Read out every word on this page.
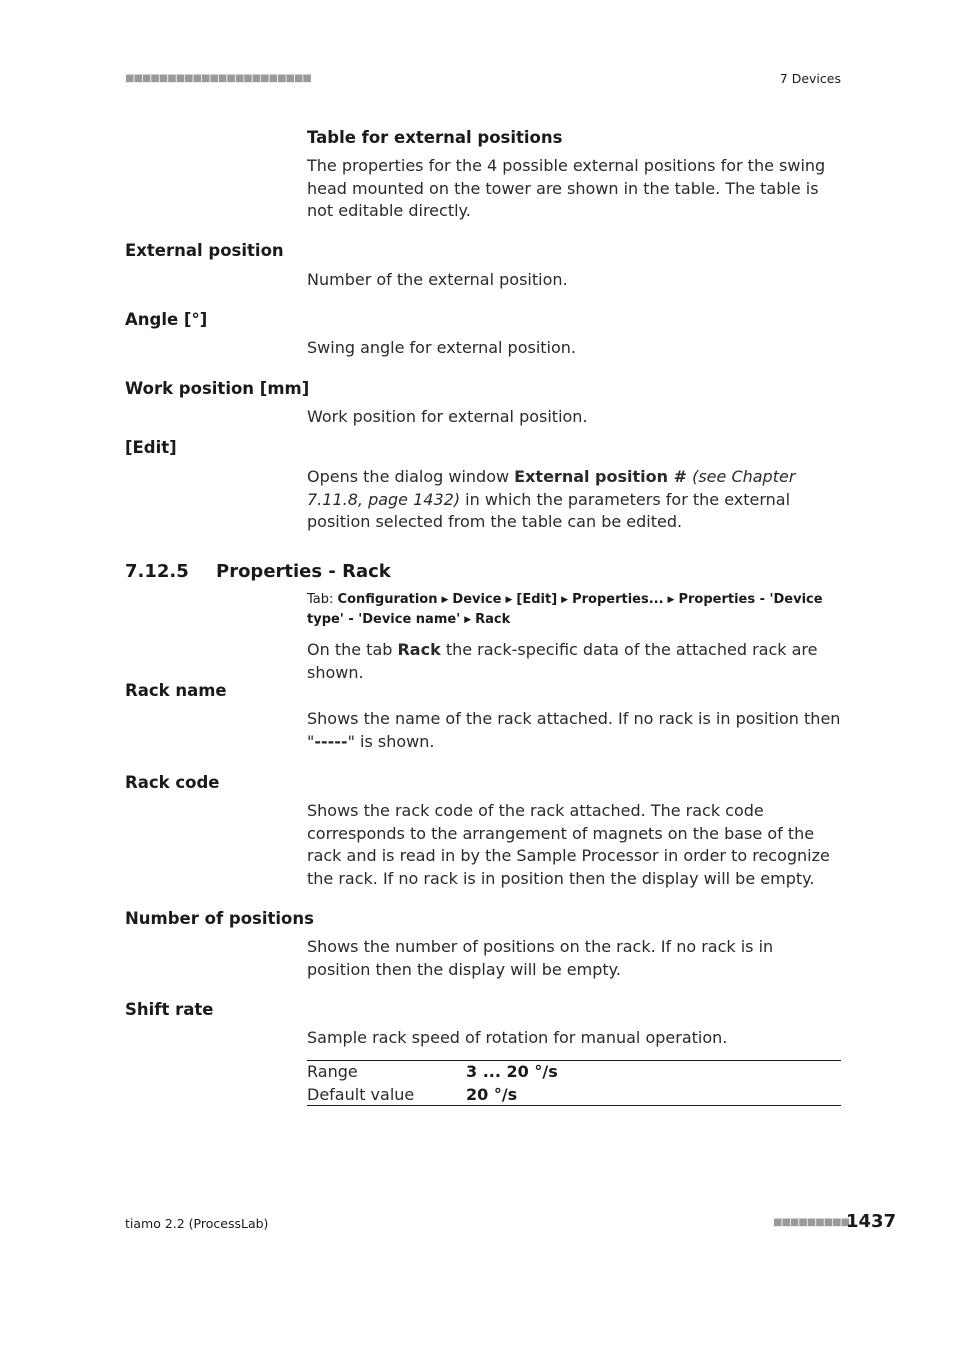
■■■■■■■■■■■■■■■■■■■■■■	7 Devices
Table for external positions
The properties for the 4 possible external positions for the swing head mounted on the tower are shown in the table. The table is not editable directly.
External position
Number of the external position.
Angle [°]
Swing angle for external position.
Work position [mm]
Work position for external position.
[Edit]
Opens the dialog window External position # (see Chapter 7.11.8, page 1432) in which the parameters for the external position selected from the table can be edited.
7.12.5 Properties - Rack
Tab: Configuration ▶ Device ▶ [Edit] ▶ Properties... ▶ Properties - 'Device type' - 'Device name' ▶ Rack
On the tab Rack the rack-specific data of the attached rack are shown.
Rack name
Shows the name of the rack attached. If no rack is in position then "-----" is shown.
Rack code
Shows the rack code of the rack attached. The rack code corresponds to the arrangement of magnets on the base of the rack and is read in by the Sample Processor in order to recognize the rack. If no rack is in position then the display will be empty.
Number of positions
Shows the number of positions on the rack. If no rack is in position then the display will be empty.
Shift rate
Sample rack speed of rotation for manual operation.
Range	3 ... 20 °/s
Default value	20 °/s
tiamo 2.2 (ProcessLab)	■■■■■■■■■
1437
